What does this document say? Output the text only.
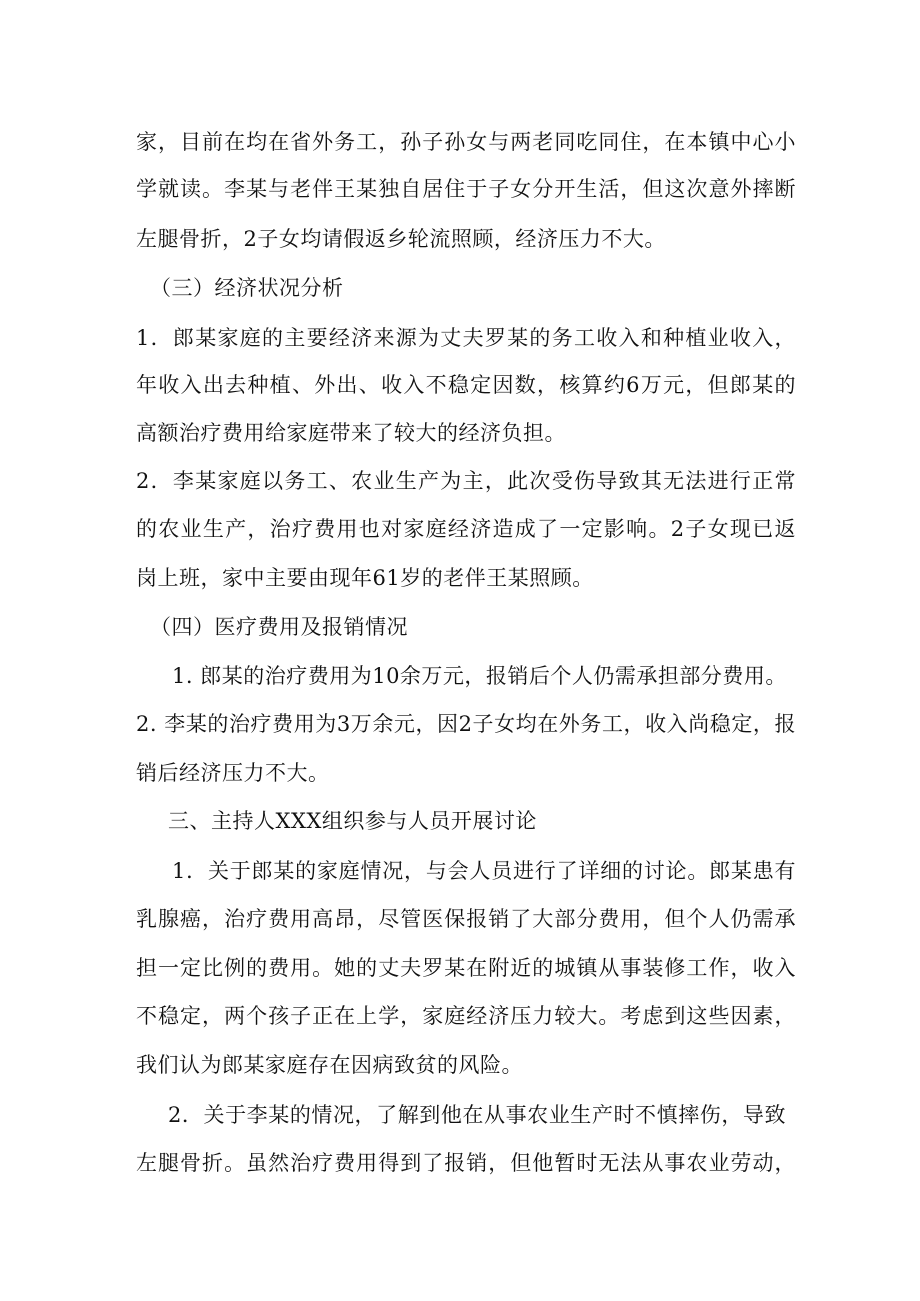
家，目前在均在省外务工，孙子孙女与两老同吃同住，在本镇中心小
学就读。李某与老伴王某独自居住于子女分开生活，但这次意外摔断
左腿骨折，2子女均请假返乡轮流照顾，经济压力不大。
（三）经济状况分析
1．郎某家庭的主要经济来源为丈夫罗某的务工收入和种植业收入，
年收入出去种植、外出、收入不稳定因数，核算约6万元，但郎某的
高额治疗费用给家庭带来了较大的经济负担。
2．李某家庭以务工、农业生产为主，此次受伤导致其无法进行正常
的农业生产，治疗费用也对家庭经济造成了一定影响。2子女现已返
岗上班，家中主要由现年61岁的老伴王某照顾。
（四）医疗费用及报销情况
1. 郎某的治疗费用为10余万元，报销后个人仍需承担部分费用。
2. 李某的治疗费用为3万余元，因2子女均在外务工，收入尚稳定，报
销后经济压力不大。
三、主持人XXX组织参与人员开展讨论
1．关于郎某的家庭情况，与会人员进行了详细的讨论。郎某患有
乳腺癌，治疗费用高昂，尽管医保报销了大部分费用，但个人仍需承
担一定比例的费用。她的丈夫罗某在附近的城镇从事装修工作，收入
不稳定，两个孩子正在上学，家庭经济压力较大。考虑到这些因素，
我们认为郎某家庭存在因病致贫的风险。
2．关于李某的情况，了解到他在从事农业生产时不慎摔伤，导致
左腿骨折。虽然治疗费用得到了报销，但他暂时无法从事农业劳动，
